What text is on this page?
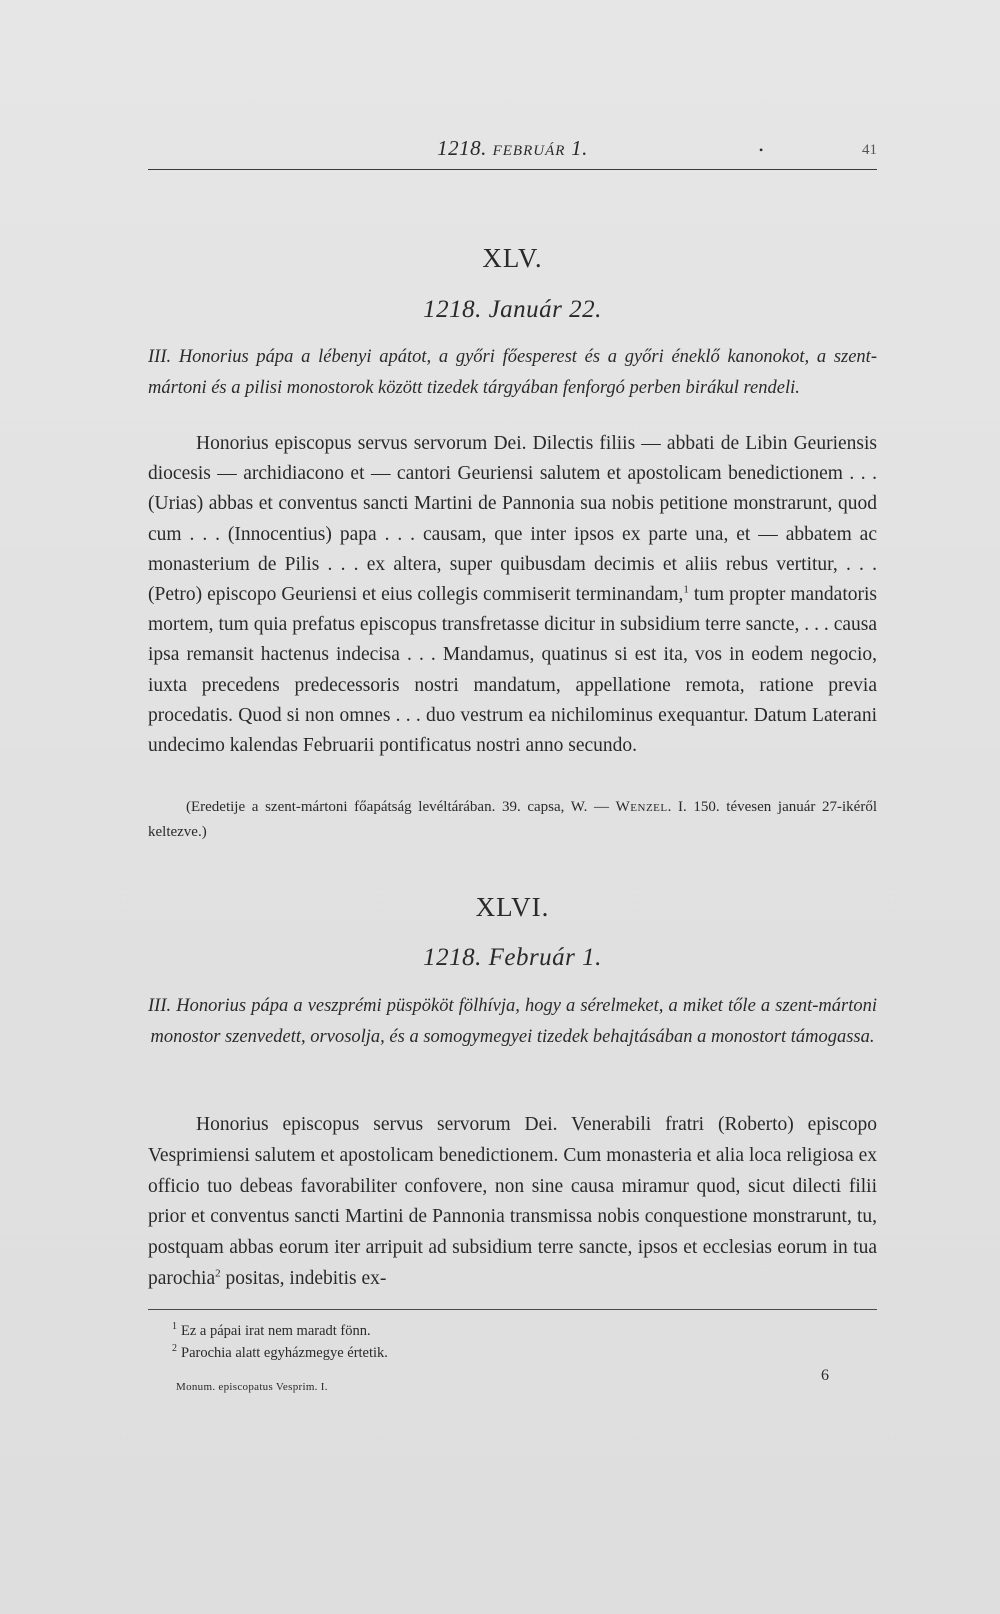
1218. FEBRUÁR 1.	•	41
XLV.
1218. Január 22.
III. Honorius pápa a lébenyi apátot, a győri főesperest és a győri éneklő kanonokot, a szent-mártoni és a pilisi monostorok között tizedek tárgyában fenforgó perben birákul rendeli.
Honorius episcopus servus servorum Dei. Dilectis filiis — abbati de Libin Geuriensis diocesis — archidiacono et — cantori Geuriensi salutem et apostolicam benedictionem . . . (Urias) abbas et conventus sancti Martini de Pannonia sua nobis petitione monstrarunt, quod cum . . . (Innocentius) papa . . . causam, que inter ipsos ex parte una, et — abbatem ac monasterium de Pilis . . . ex altera, super quibusdam decimis et aliis rebus vertitur, . . . (Petro) episcopo Geuriensi et eius collegis commiserit terminandam,$^1$ tum propter mandatoris mortem, tum quia prefatus episcopus transfretasse dicitur in subsidium terre sancte, . . . causa ipsa remansit hactenus indecisa . . . Mandamus, quatinus si est ita, vos in eodem negocio, iuxta precedens predecessoris nostri mandatum, appellatione remota, ratione previa procedatis. Quod si non omnes . . . duo vestrum ea nichilominus exequantur. Datum Laterani undecimo kalendas Februarii pontificatus nostri anno secundo.
(Eredetije a szent-mártoni főapátság levéltárában. 39. capsa, W. — Wenzel. I. 150. tévesen január 27-ikéről keltezve.)
XLVI.
1218. Február 1.
III. Honorius pápa a veszprémi püspököt fölhívja, hogy a sérelmeket, a miket tőle a szent-mártoni monostor szenvedett, orvosolja, és a somogymegyei tizedek behajtásában a monostort támogassa.
Honorius episcopus servus servorum Dei. Venerabili fratri (Roberto) episcopo Vesprimiensi salutem et apostolicam benedictionem. Cum monasteria et alia loca religiosa ex officio tuo debeas favorabiliter confovere, non sine causa miramur quod, sicut dilecti filii prior et conventus sancti Martini de Pannonia transmissa nobis conquestione monstrarunt, tu, postquam abbas eorum iter arripuit ad subsidium terre sancte, ipsos et ecclesias eorum in tua parochia$^2$ positas, indebitis ex-

$^1$ Ez a pápai irat nem maradt fönn.

$^2$ Parochia alatt egyházmegye értetik.

Monum. episcopatus Vesprim. I.
6
